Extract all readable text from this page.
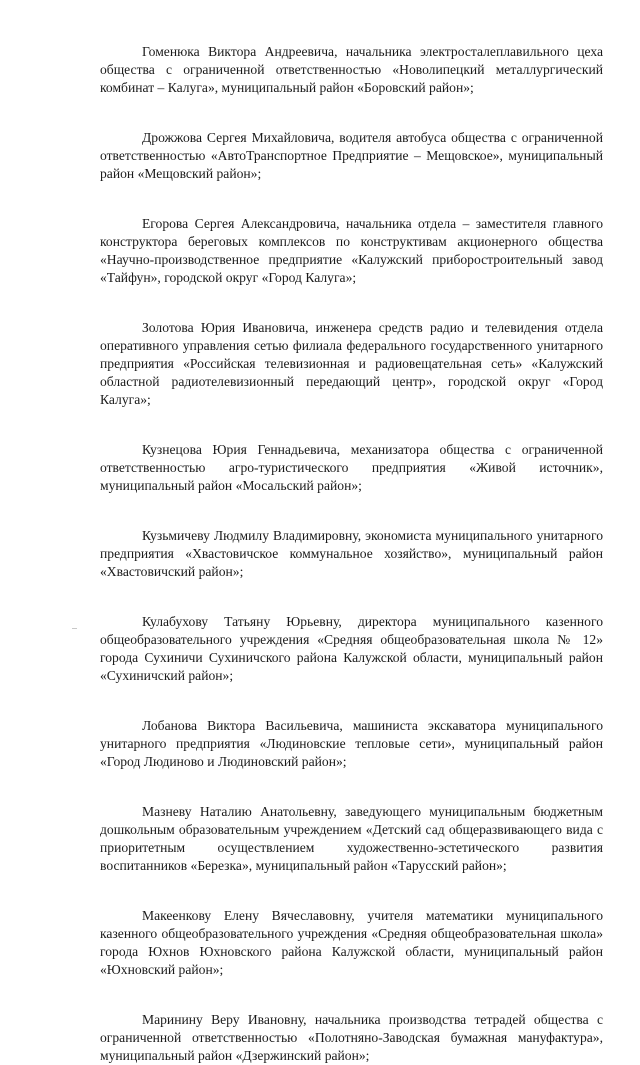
Гоменюка Виктора Андреевича, начальника электросталеплавильного цеха общества с ограниченной ответственностью «Новолипецкий металлургический комбинат – Калуга», муниципальный район «Боровский район»;

Дрожжова Сергея Михайловича, водителя автобуса общества с ограниченной ответственностью «АвтоТранспортное Предприятие – Мещовское», муниципальный район «Мещовский район»;

Егорова Сергея Александровича, начальника отдела – заместителя главного конструктора береговых комплексов по конструктивам акционерного общества «Научно-производственное предприятие «Калужский приборостроительный завод «Тайфун», городской округ «Город Калуга»;

Золотова Юрия Ивановича, инженера средств радио и телевидения отдела оперативного управления сетью филиала федерального государственного унитарного предприятия «Российская телевизионная и радиовещательная сеть» «Калужский областной радиотелевизионный передающий центр», городской округ «Город Калуга»;

Кузнецова Юрия Геннадьевича, механизатора общества с ограниченной ответственностью агро-туристического предприятия «Живой источник», муниципальный район «Мосальский район»;

Кузьмичеву Людмилу Владимировну, экономиста муниципального унитарного предприятия «Хвастовичское коммунальное хозяйство», муниципальный район «Хвастовичский район»;

Кулабухову Татьяну Юрьевну, директора муниципального казенного общеобразовательного учреждения «Средняя общеобразовательная школа № 12» города Сухиничи Сухиничского района Калужской области, муниципальный район «Сухиничский район»;

Лобанова Виктора Васильевича, машиниста экскаватора муниципального унитарного предприятия «Людиновские тепловые сети», муниципальный район «Город Людиново и Людиновский район»;

Мазневу Наталию Анатольевну, заведующего муниципальным бюджетным дошкольным образовательным учреждением «Детский сад общеразвивающего вида с приоритетным осуществлением художественно-эстетического развития воспитанников «Березка», муниципальный район «Тарусский район»;

Макеенкову Елену Вячеславовну, учителя математики муниципального казенного общеобразовательного учреждения «Средняя общеобразовательная школа» города Юхнов Юхновского района Калужской области, муниципальный район «Юхновский район»;

Маринину Веру Ивановну, начальника производства тетрадей общества с ограниченной ответственностью «Полотняно-Заводская бумажная мануфактура», муниципальный район «Дзержинский район»;
